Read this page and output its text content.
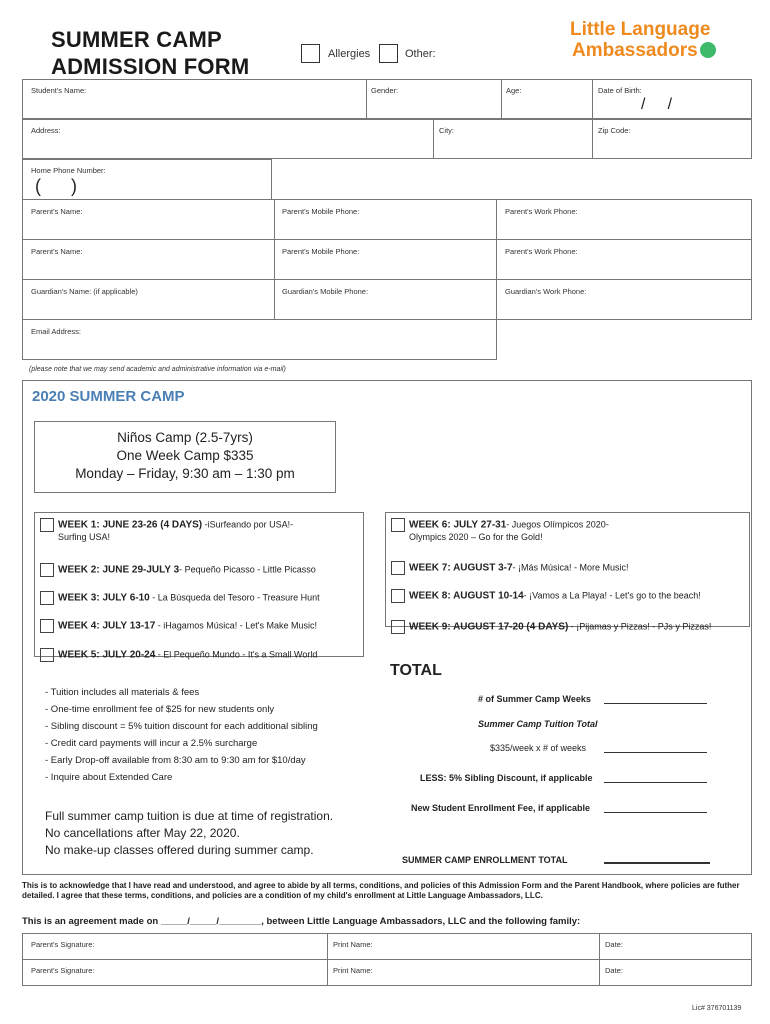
SUMMER CAMP
ADMISSION FORM	Allergies	Other:
Little Language
Ambassadors
Student's Name:	Gender:	Age:	Date of Birth:
/     /
Address:	City:	Zip Code:
Home Phone Number:
(      )
Parent's Name:	Parent's Mobile Phone:	Parent's Work Phone:
Parent's Name:	Parent's Mobile Phone:	Parent's Work Phone:
Guardian's Name: (if applicable)	Guardian's Mobile Phone:	Guardian's Work Phone:
Email Address:
(please note that we may send academic and administrative information via e-mail)
2020 SUMMER CAMP
Niños Camp (2.5-7yrs)
One Week Camp $335
Monday – Friday, 9:30 am – 1:30 pm
WEEK 1: JUNE 23-26 (4 DAYS) -iSurfeando por USA!-
Surfing USA!
WEEK 6: JULY 27-31- Juegos Olímpicos 2020-
Olympics 2020 – Go for the Gold!
WEEK 2: JUNE 29-JULY 3- Pequeño Picasso - Little Picasso	WEEK 7: AUGUST 3-7- ¡Más Música! - More Music!
WEEK 3: JULY 6-10 - La Búsqueda del Tesoro - Treasure Hunt	WEEK 8: AUGUST 10-14- ¡Vamos a La Playa! - Let's go to the beach!
WEEK 4: JULY 13-17 - iHagamos Música! - Let's Make Music!	WEEK 9: AUGUST 17-20 (4 DAYS) - ¡Pijamas y Pizzas! - PJs y Pizzas!
WEEK 5: JULY 20-24 - El Pequeño Mundo - It's a Small World
- Tuition includes all materials & fees
- One-time enrollment fee of $25 for new students only
- Sibling discount = 5% tuition discount for each additional sibling
- Credit card payments will incur a 2.5% surcharge
- Early Drop-off available from 8:30 am to 9:30 am for $10/day
- Inquire about Extended Care
TOTAL
# of Summer Camp Weeks
Summer Camp Tuition Total
$335/week x # of weeks
LESS: 5% Sibling Discount, if applicable
New Student Enrollment Fee, if applicable
SUMMER CAMP ENROLLMENT TOTAL
Full summer camp tuition is due at time of registration.
No cancellations after May 22, 2020.
No make-up classes offered during summer camp.
This is to acknowledge that I have read and understood, and agree to abide by all terms, conditions, and policies of this Admission Form and the Parent Handbook, where policies are futher detailed. I agree that these terms, conditions, and policies are a condition of my child's enrollment at Little Language Ambassadors, LLC.
This is an agreement made on _____/_____/________, between Little Language Ambassadors, LLC and the following family:
Parent's Signature:	Print Name:	Date:
Parent's Signature:	Print Name:	Date:
Lic# 376701139
